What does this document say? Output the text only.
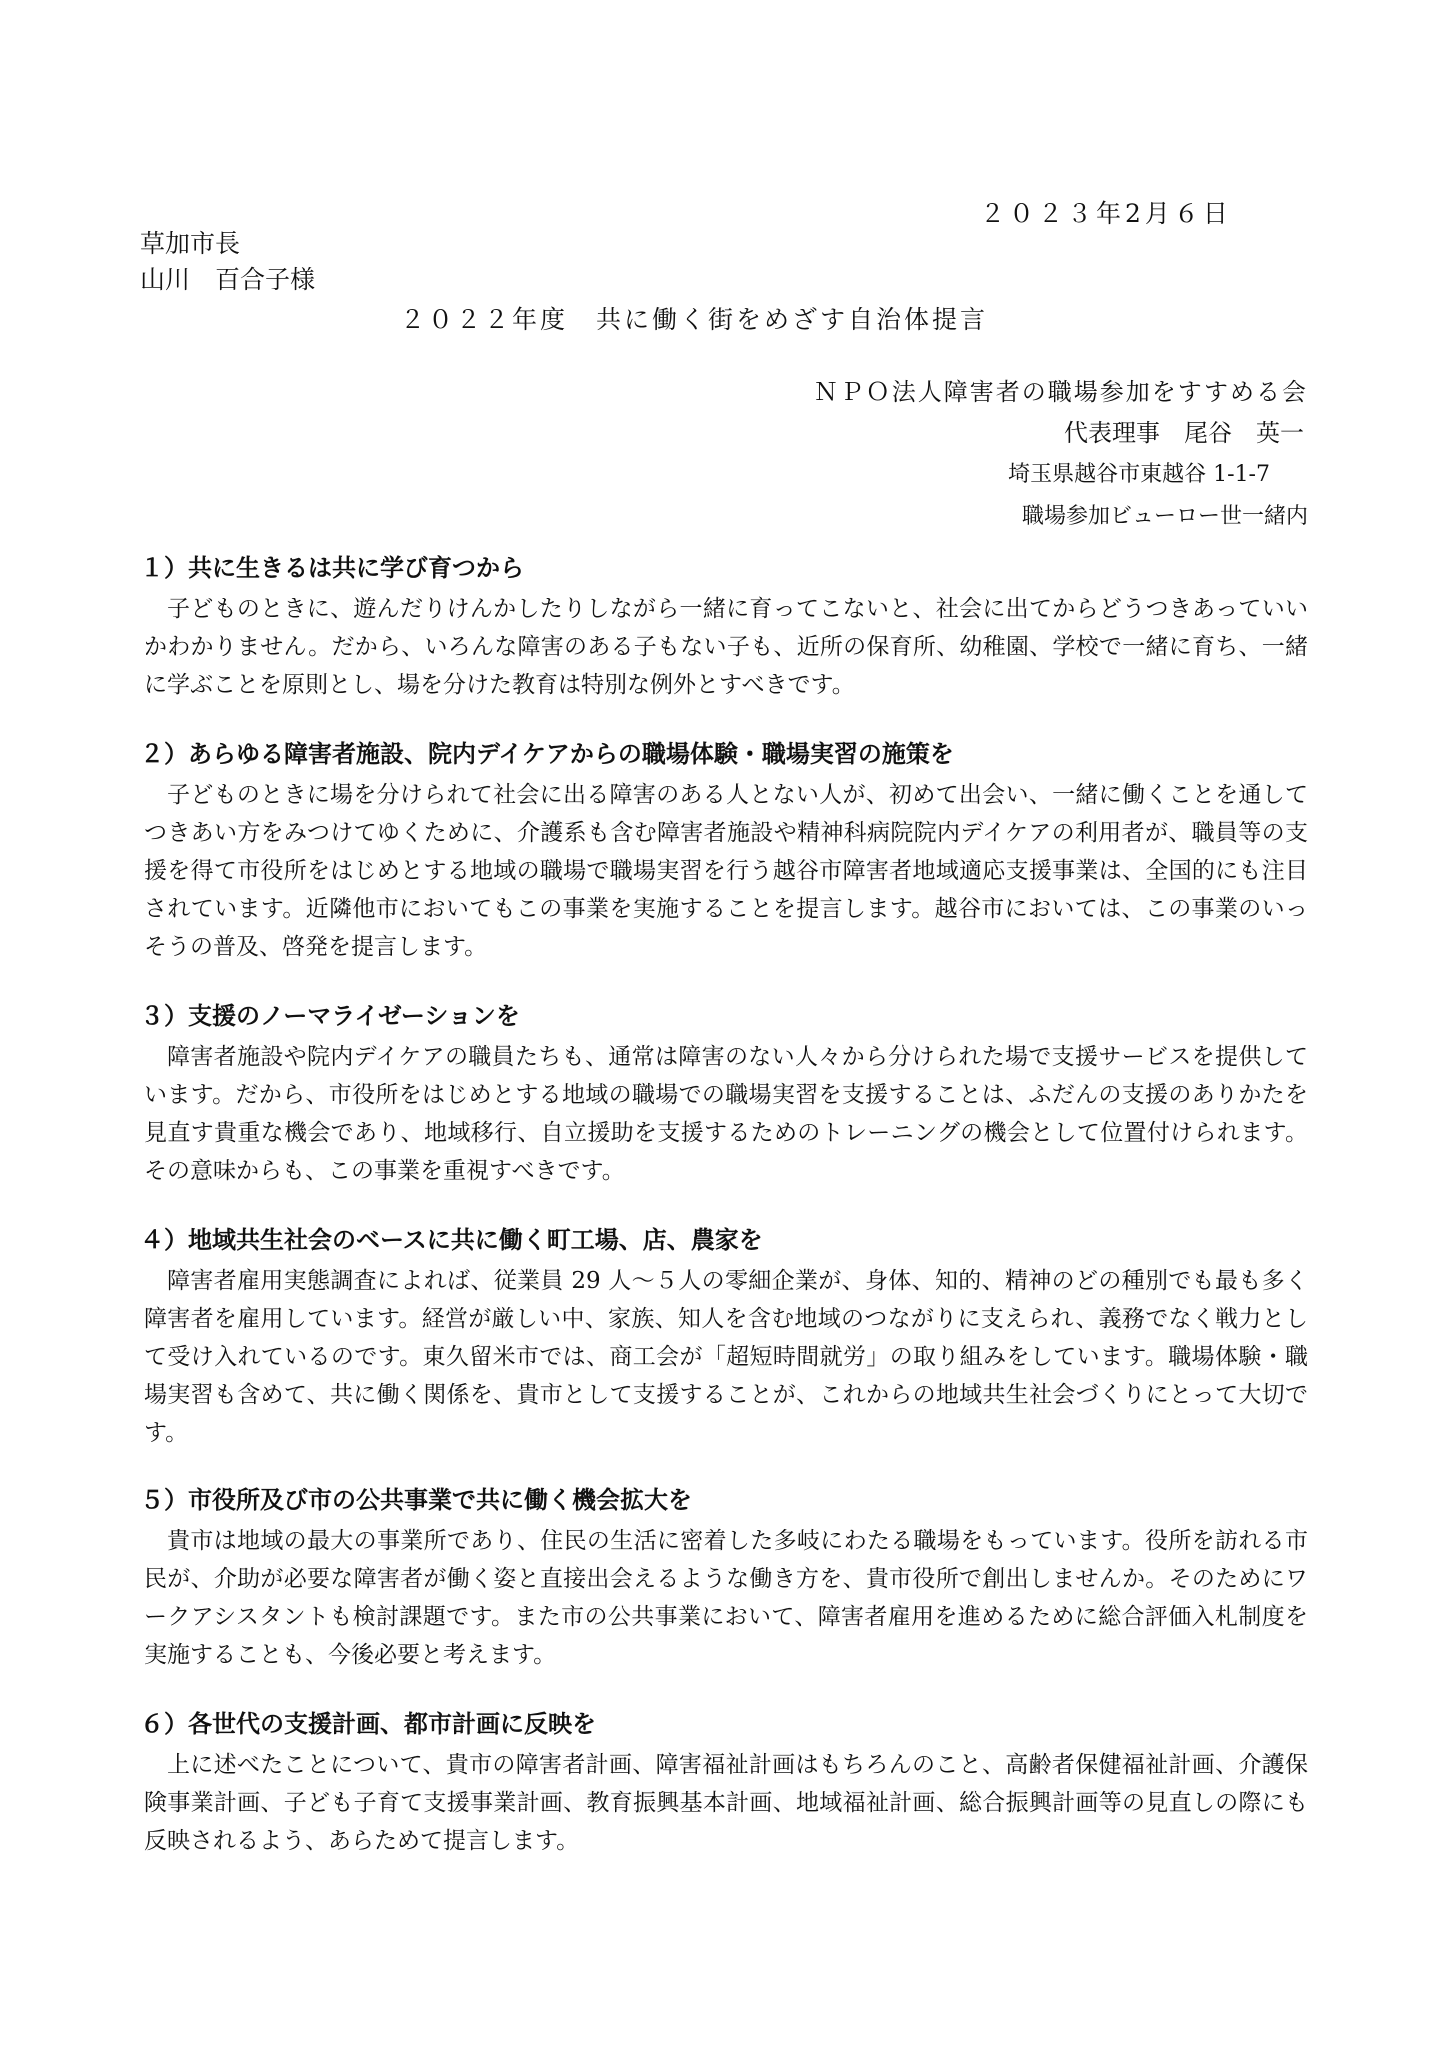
２０２３年2月６日
草加市長
山川　百合子様
２０２２年度　共に働く街をめざす自治体提言
ＮＰＯ法人障害者の職場参加をすすめる会
代表理事　尾谷　英一
埼玉県越谷市東越谷 1-1-7
職場参加ビューロー世一緒内
１）共に生きるは共に学び育つから

子どものときに、遊んだりけんかしたりしながら一緒に育ってこないと、社会に出てからどうつきあっていいかわかりません。だから、いろんな障害のある子もない子も、近所の保育所、幼稚園、学校で一緒に育ち、一緒に学ぶことを原則とし、場を分けた教育は特別な例外とすべきです。

２）あらゆる障害者施設、院内デイケアからの職場体験・職場実習の施策を

子どものときに場を分けられて社会に出る障害のある人とない人が、初めて出会い、一緒に働くことを通してつきあい方をみつけてゆくために、介護系も含む障害者施設や精神科病院院内デイケアの利用者が、職員等の支援を得て市役所をはじめとする地域の職場で職場実習を行う越谷市障害者地域適応支援事業は、全国的にも注目されています。近隣他市においてもこの事業を実施することを提言します。越谷市においては、この事業のいっそうの普及、啓発を提言します。

３）支援のノーマライゼーションを

障害者施設や院内デイケアの職員たちも、通常は障害のない人々から分けられた場で支援サービスを提供しています。だから、市役所をはじめとする地域の職場での職場実習を支援することは、ふだんの支援のありかたを見直す貴重な機会であり、地域移行、自立援助を支援するためのトレーニングの機会として位置付けられます。その意味からも、この事業を重視すべきです。

４）地域共生社会のベースに共に働く町工場、店、農家を

障害者雇用実態調査によれば、従業員 29 人～５人の零細企業が、身体、知的、精神のどの種別でも最も多く障害者を雇用しています。経営が厳しい中、家族、知人を含む地域のつながりに支えられ、義務でなく戦力として受け入れているのです。東久留米市では、商工会が「超短時間就労」の取り組みをしています。職場体験・職場実習も含めて、共に働く関係を、貴市として支援することが、これからの地域共生社会づくりにとって大切です。

５）市役所及び市の公共事業で共に働く機会拡大を

貴市は地域の最大の事業所であり、住民の生活に密着した多岐にわたる職場をもっています。役所を訪れる市民が、介助が必要な障害者が働く姿と直接出会えるような働き方を、貴市役所で創出しませんか。そのためにワークアシスタントも検討課題です。また市の公共事業において、障害者雇用を進めるために総合評価入札制度を実施することも、今後必要と考えます。

６）各世代の支援計画、都市計画に反映を

上に述べたことについて、貴市の障害者計画、障害福祉計画はもちろんのこと、高齢者保健福祉計画、介護保険事業計画、子ども子育て支援事業計画、教育振興基本計画、地域福祉計画、総合振興計画等の見直しの際にも反映されるよう、あらためて提言します。
